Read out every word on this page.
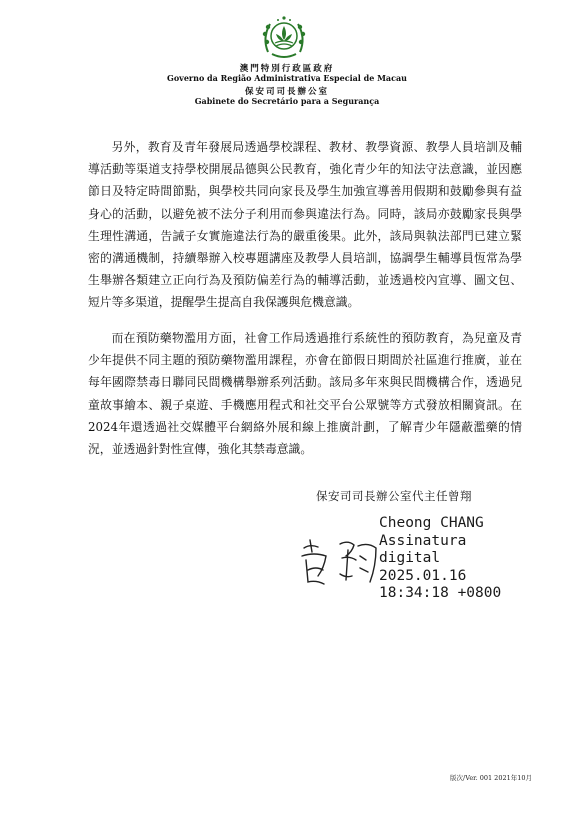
澳門特別行政區政府
Governo da Região Administrativa Especial de Macau
保安司司長辦公室
Gabinete do Secretário para a Segurança

另外，教育及青年發展局透過學校課程、教材、教學資源、教學人員培訓及輔導活動等渠道支持學校開展品德與公民教育，強化青少年的知法守法意識，並因應節日及特定時間節點，與學校共同向家長及學生加強宣導善用假期和鼓勵參與有益身心的活動，以避免被不法分子利用而參與違法行為。同時，該局亦鼓勵家長與學生理性溝通，告誡子女實施違法行為的嚴重後果。此外，該局與執法部門已建立緊密的溝通機制，持續舉辦入校專題講座及教學人員培訓，協調學生輔導員恆常為學生舉辦各類建立正向行為及預防偏差行為的輔導活動，並透過校內宣導、圖文包、短片等多渠道，提醒學生提高自我保護與危機意識。

而在預防藥物濫用方面，社會工作局透過推行系統性的預防教育，為兒童及青少年提供不同主題的預防藥物濫用課程，亦會在節假日期間於社區進行推廣，並在每年國際禁毒日聯同民間機構舉辦系列活動。該局多年來與民間機構合作，透過兒童故事繪本、親子桌遊、手機應用程式和社交平台公眾號等方式發放相關資訊。在2024年還透過社交媒體平台網絡外展和線上推廣計劃，了解青少年隱蔽濫藥的情況，並透過針對性宣傳，強化其禁毒意識。

保安司司長辦公室代主任曾翔
Cheong CHANG
Assinatura
digital
2025.01.16
18:34:18 +0800
版次/Ver. 001 2021年10月
